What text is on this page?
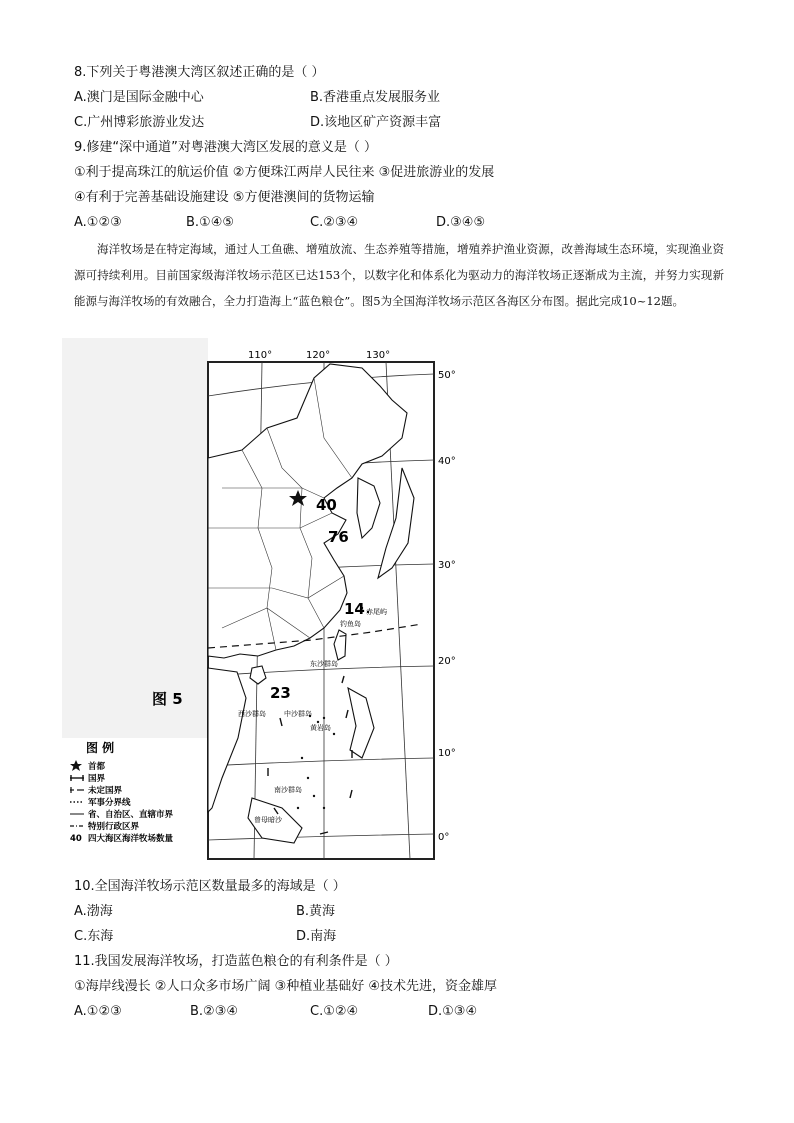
8.下列关于粤港澳大湾区叙述正确的是（ ）
A.澳门是国际金融中心	B.香港重点发展服务业
C.广州博彩旅游业发达	D.该地区矿产资源丰富
9.修建“深中通道”对粤港澳大湾区发展的意义是（ ）
①利于提高珠江的航运价值 ②方便珠江两岸人民往来 ③促进旅游业的发展
④有利于完善基础设施建设 ⑤方便港澳间的货物运输
A.①②③	B.①④⑤	C.②③④	D.③④⑤
海洋牧场是在特定海域，通过人工鱼礁、增殖放流、生态养殖等措施，增殖养护渔业资源，改善海域生态环境，实现渔业资源可持续利用。目前国家级海洋牧场示范区已达153个，以数字化和体系化为驱动力的海洋牧场正逐渐成为主流，并努力实现新能源与海洋牧场的有效融合，全力打造海上“蓝色粮仓”。图5为全国海洋牧场示范区各海区分布图。据此完成10~12题。
110°	120°	130°
50°
40°
30°
20°
10°
0°
40
76
14
23
赤尾屿
钓鱼岛
东沙群岛
西沙群岛	中沙群岛
黄岩岛
南沙群岛
曾母暗沙
图 5
图 例
首都
国界
未定国界
军事分界线
省、自治区、直辖市界
特别行政区界
40 四大海区海洋牧场数量
10.全国海洋牧场示范区数量最多的海域是（ ）
A.渤海	B.黄海
C.东海	D.南海
11.我国发展海洋牧场，打造蓝色粮仓的有利条件是（ ）
①海岸线漫长 ②人口众多市场广阔 ③种植业基础好 ④技术先进，资金雄厚
A.①②③	B.②③④	C.①②④	D.①③④
